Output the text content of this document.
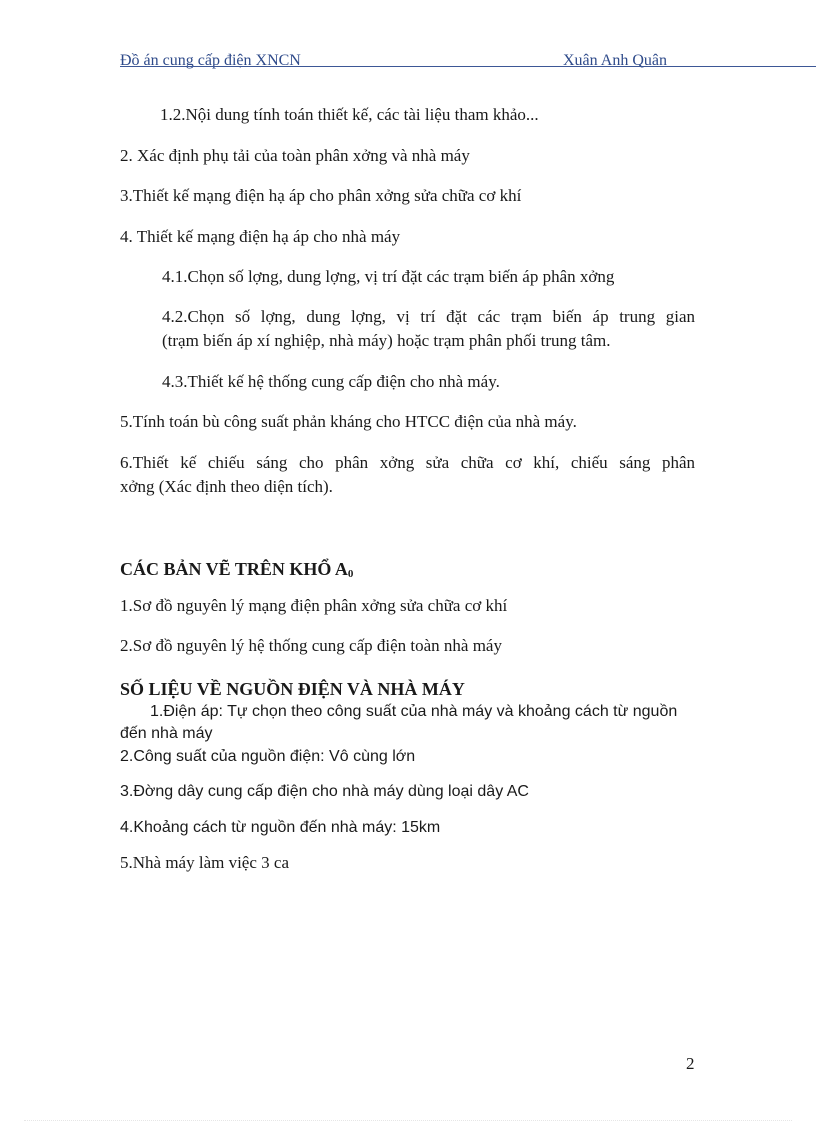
Đồ án cung cấp điện XNCN	Xuân Anh Quân
1.2.Nội dung tính toán thiết kế, các tài liệu tham khảo...
2. Xác định phụ tải của toàn phân xởng và nhà máy
3.Thiết kế mạng điện hạ áp cho phân xởng sửa chữa cơ khí
4. Thiết kế mạng điện hạ áp cho nhà máy
4.1.Chọn số lợng, dung lợng, vị trí đặt các trạm biến áp phân xởng
4.2.Chọn số lợng, dung lợng, vị trí đặt các trạm biến áp trung gian
(trạm biến áp xí nghiệp, nhà máy) hoặc trạm phân phối trung tâm.
4.3.Thiết kế hệ thống cung cấp điện cho nhà máy.
5.Tính toán bù công suất phản kháng cho HTCC điện của nhà máy.
6.Thiết kế chiếu sáng cho phân xởng sửa chữa cơ khí, chiếu sáng phân
xởng (Xác định theo diện tích).
CÁC BẢN VẼ TRÊN KHỔ A0
1.Sơ đồ nguyên lý mạng điện phân xởng sửa chữa cơ khí
2.Sơ đồ nguyên lý hệ thống cung cấp điện toàn nhà máy
SỐ LIỆU VỀ NGUỒN ĐIỆN VÀ NHÀ MÁY
1.Điện áp: Tự chọn theo công suất của nhà máy và khoảng cách từ nguồn
đến nhà máy
2.Công suất của nguồn điện: Vô cùng lớn
3.Đờng dây cung cấp điện cho nhà máy dùng loại dây AC
4.Khoảng cách từ nguồn đến nhà máy: 15km
5.Nhà máy làm việc 3 ca
2
